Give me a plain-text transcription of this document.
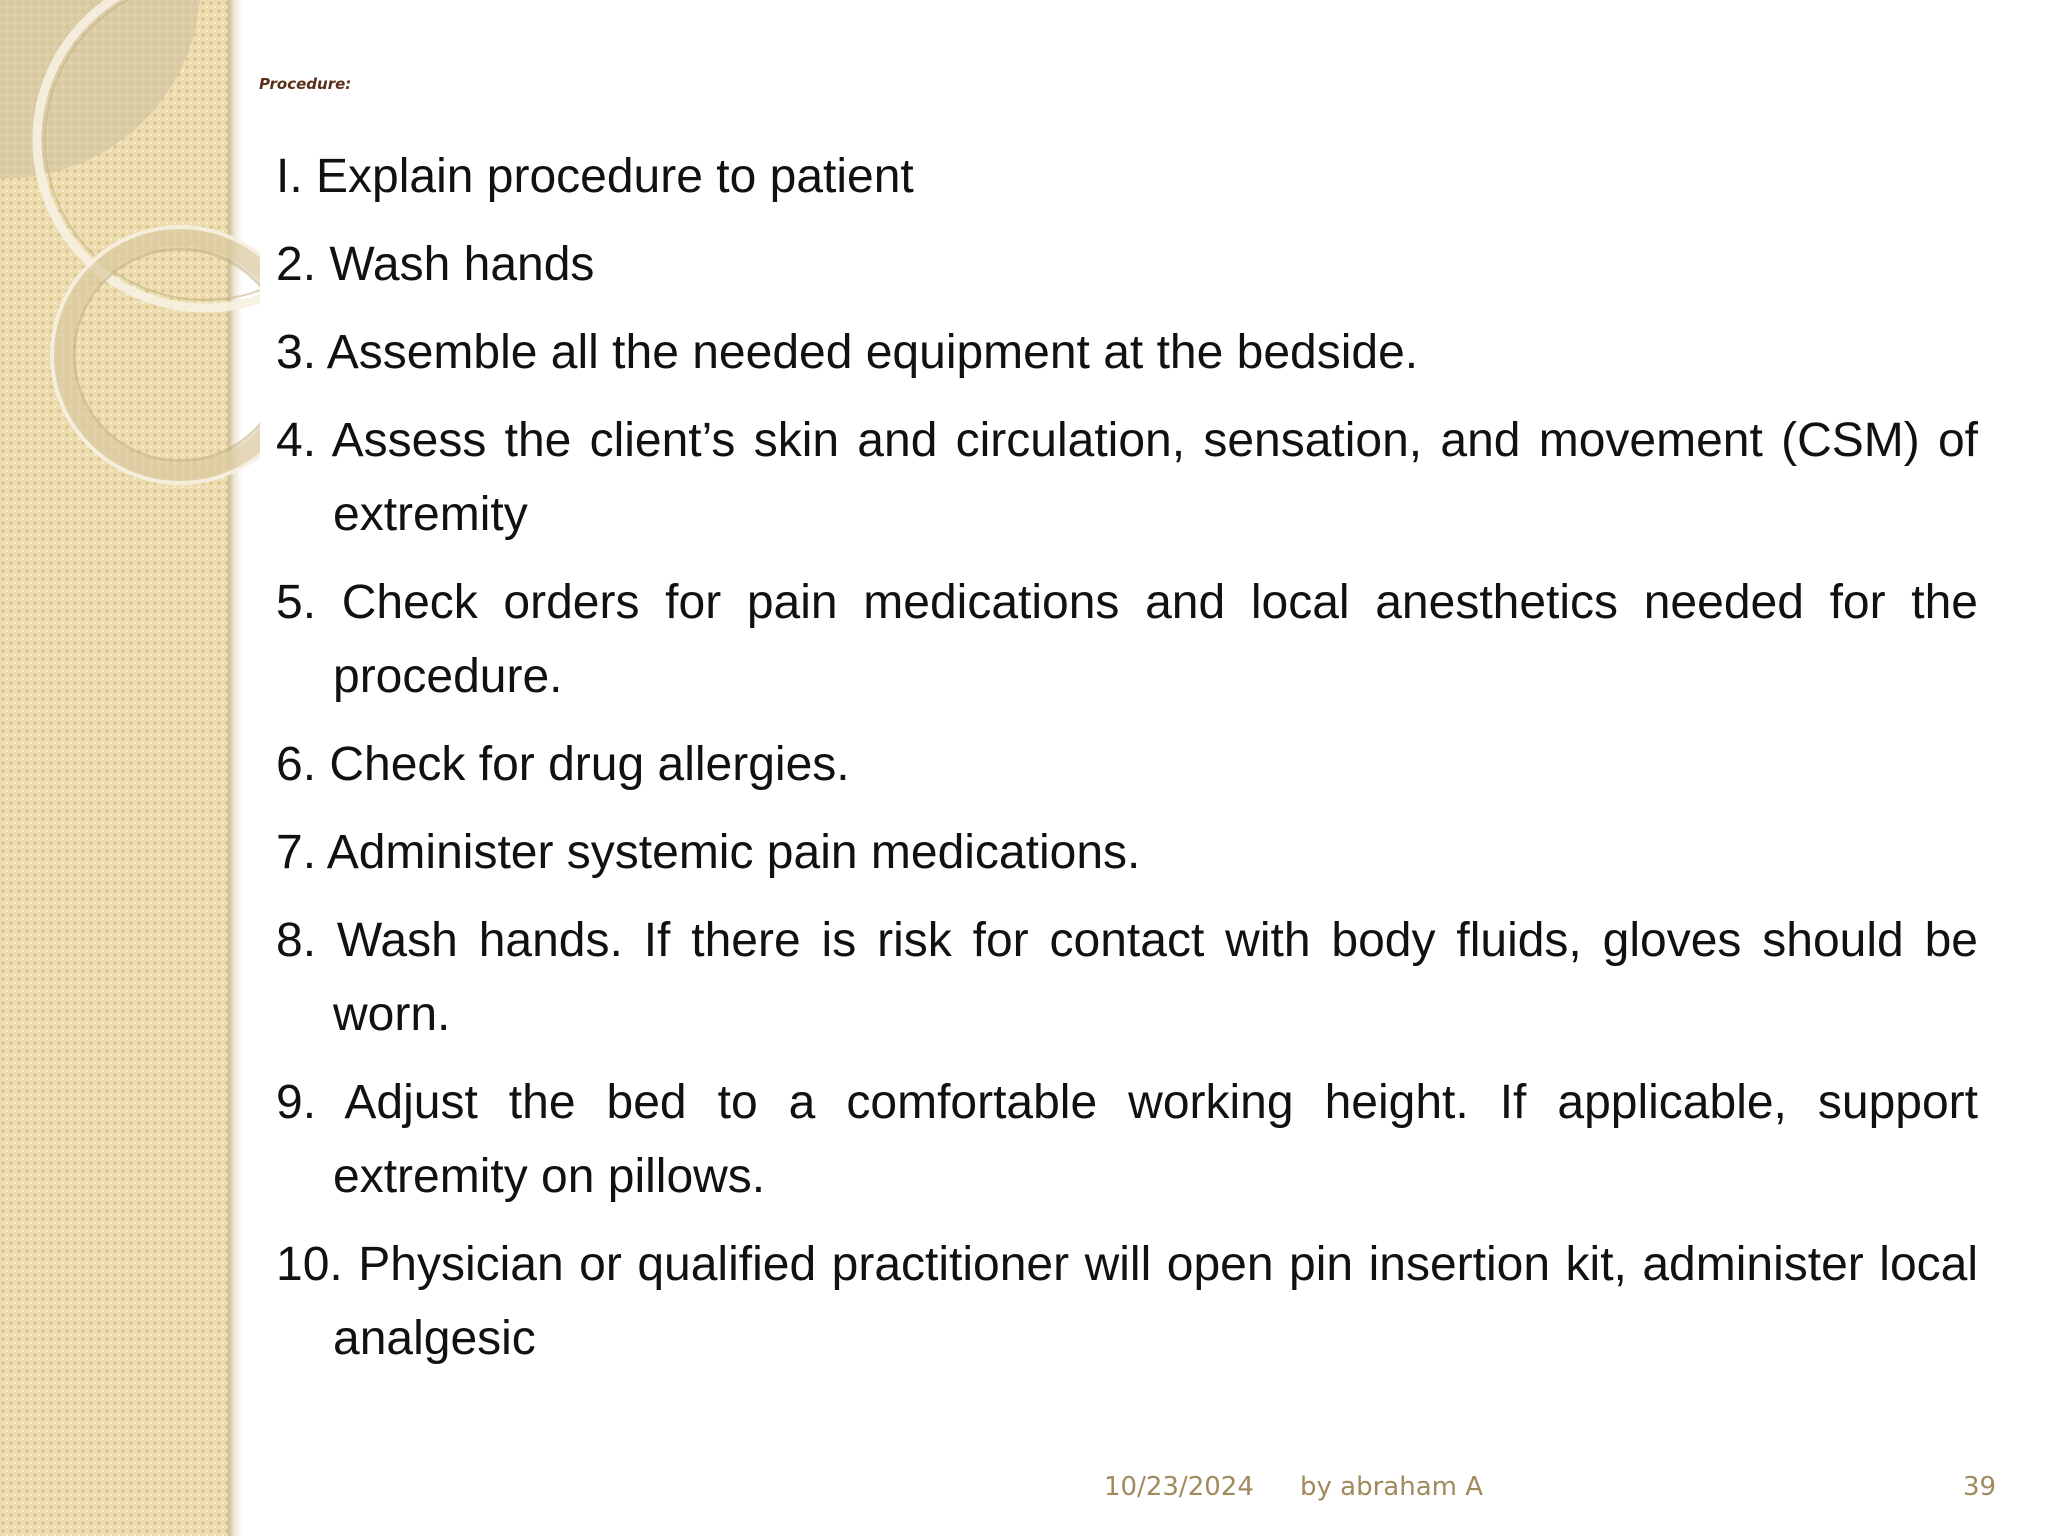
Procedure:
I. Explain procedure to patient
2. Wash hands
3. Assemble all the needed equipment at the bedside.
4. Assess the client’s skin and circulation, sensation, and movement (CSM) of extremity
5. Check orders for pain medications and local anesthetics needed for the procedure.
6. Check for drug allergies.
7. Administer systemic pain medications.
8. Wash hands. If there is risk for contact with body fluids, gloves should be worn.
9. Adjust the bed to a comfortable working height. If applicable, support extremity on pillows.
10. Physician or qualified practitioner will open pin insertion kit, administer local analgesic
10/23/2024 by abraham A	39
